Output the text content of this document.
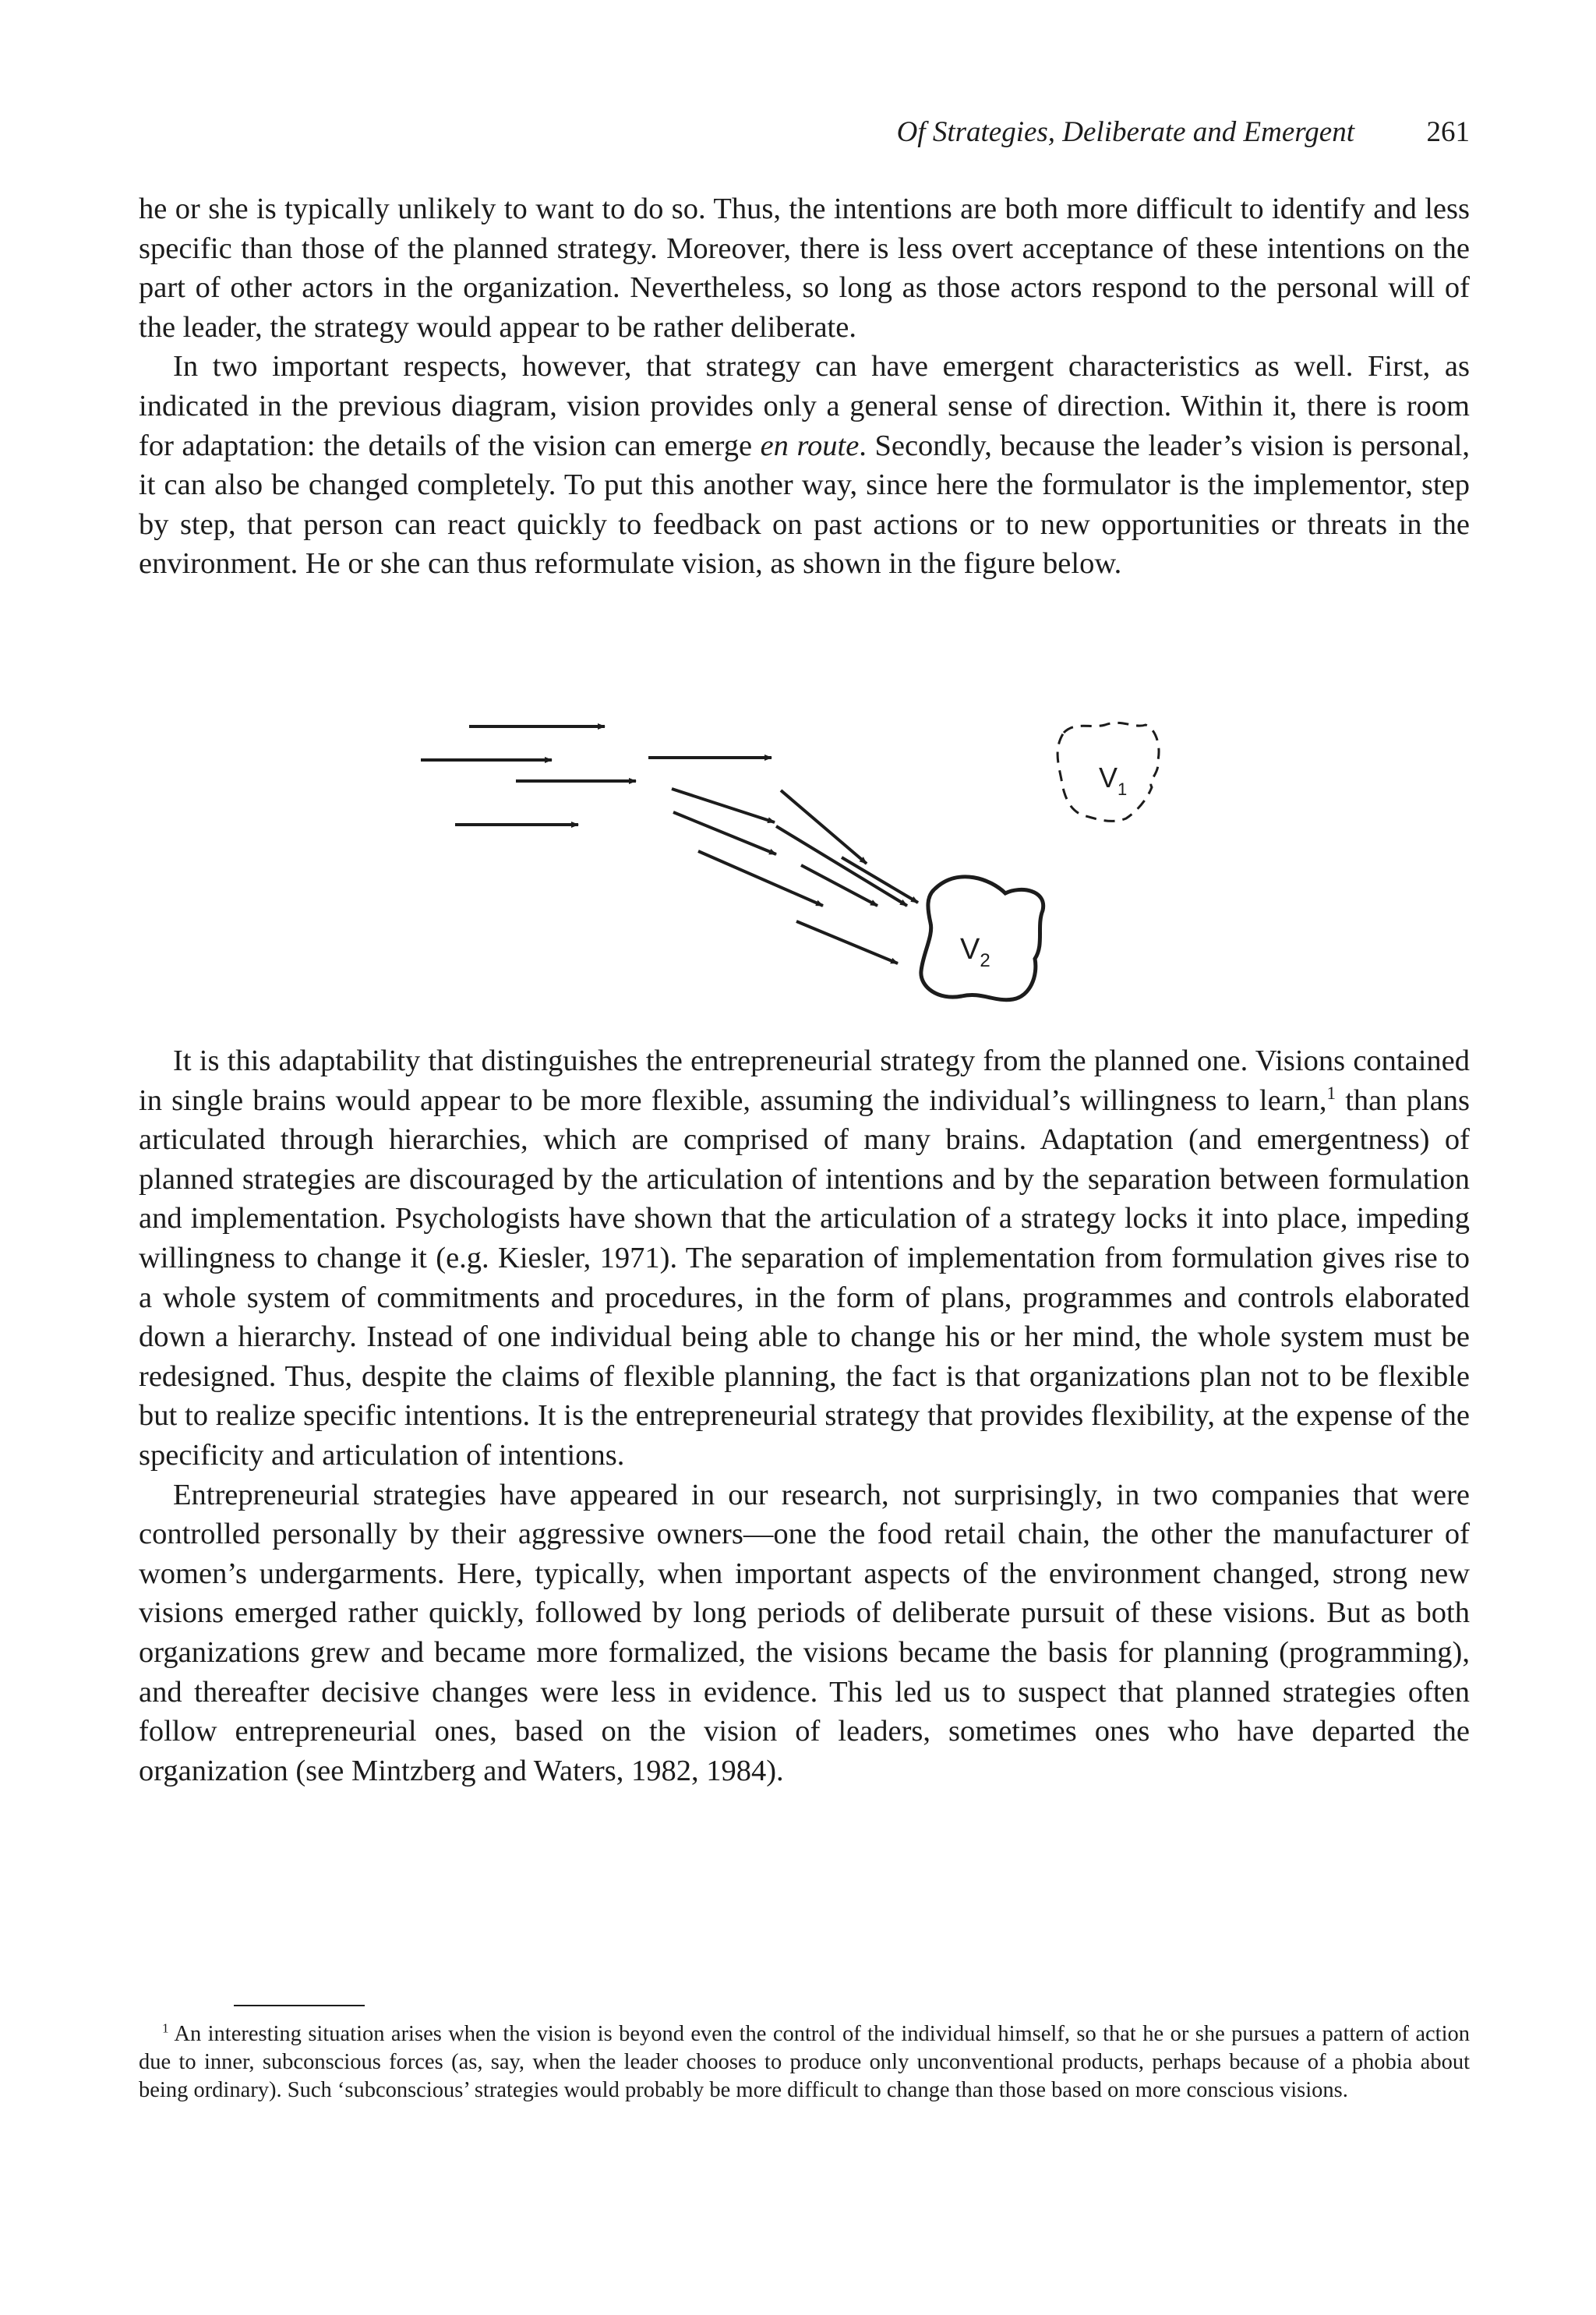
Of Strategies, Deliberate and Emergent	261

he or she is typically unlikely to want to do so. Thus, the intentions are both more difficult to identify and less specific than those of the planned strategy. Moreover, there is less overt acceptance of these intentions on the part of other actors in the organization. Nevertheless, so long as those actors respond to the personal will of the leader, the strategy would appear to be rather deliberate.

In two important respects, however, that strategy can have emergent characteristics as well. First, as indicated in the previous diagram, vision provides only a general sense of direction. Within it, there is room for adaptation: the details of the vision can emerge en route. Secondly, because the leader’s vision is personal, it can also be changed completely. To put this another way, since here the formulator is the implementor, step by step, that person can react quickly to feedback on past actions or to new opportunities or threats in the environment. He or she can thus reformulate vision, as shown in the figure below.

$V_1$
$V_2$

It is this adaptability that distinguishes the entrepreneurial strategy from the planned one. Visions contained in single brains would appear to be more flexible, assuming the individual’s willingness to learn,$^1$ than plans articulated through hierarchies, which are comprised of many brains. Adaptation (and emergentness) of planned strategies are discouraged by the articulation of intentions and by the separation between formulation and implementation. Psychologists have shown that the articulation of a strategy locks it into place, impeding willingness to change it (e.g. Kiesler, 1971). The separation of implementation from formulation gives rise to a whole system of commitments and procedures, in the form of plans, programmes and controls elaborated down a hierarchy. Instead of one individual being able to change his or her mind, the whole system must be redesigned. Thus, despite the claims of flexible planning, the fact is that organizations plan not to be flexible but to realize specific intentions. It is the entrepreneurial strategy that provides flexibility, at the expense of the specificity and articulation of intentions.

Entrepreneurial strategies have appeared in our research, not surprisingly, in two companies that were controlled personally by their aggressive owners—one the food retail chain, the other the manufacturer of women’s undergarments. Here, typically, when important aspects of the environment changed, strong new visions emerged rather quickly, followed by long periods of deliberate pursuit of these visions. But as both organizations grew and became more formalized, the visions became the basis for planning (programming), and thereafter decisive changes were less in evidence. This led us to suspect that planned strategies often follow entrepreneurial ones, based on the vision of leaders, sometimes ones who have departed the organization (see Mintzberg and Waters, 1982, 1984).

$^1$ An interesting situation arises when the vision is beyond even the control of the individual himself, so that he or she pursues a pattern of action due to inner, subconscious forces (as, say, when the leader chooses to produce only unconventional products, perhaps because of a phobia about being ordinary). Such ‘subconscious’ strategies would probably be more difficult to change than those based on more conscious visions.
